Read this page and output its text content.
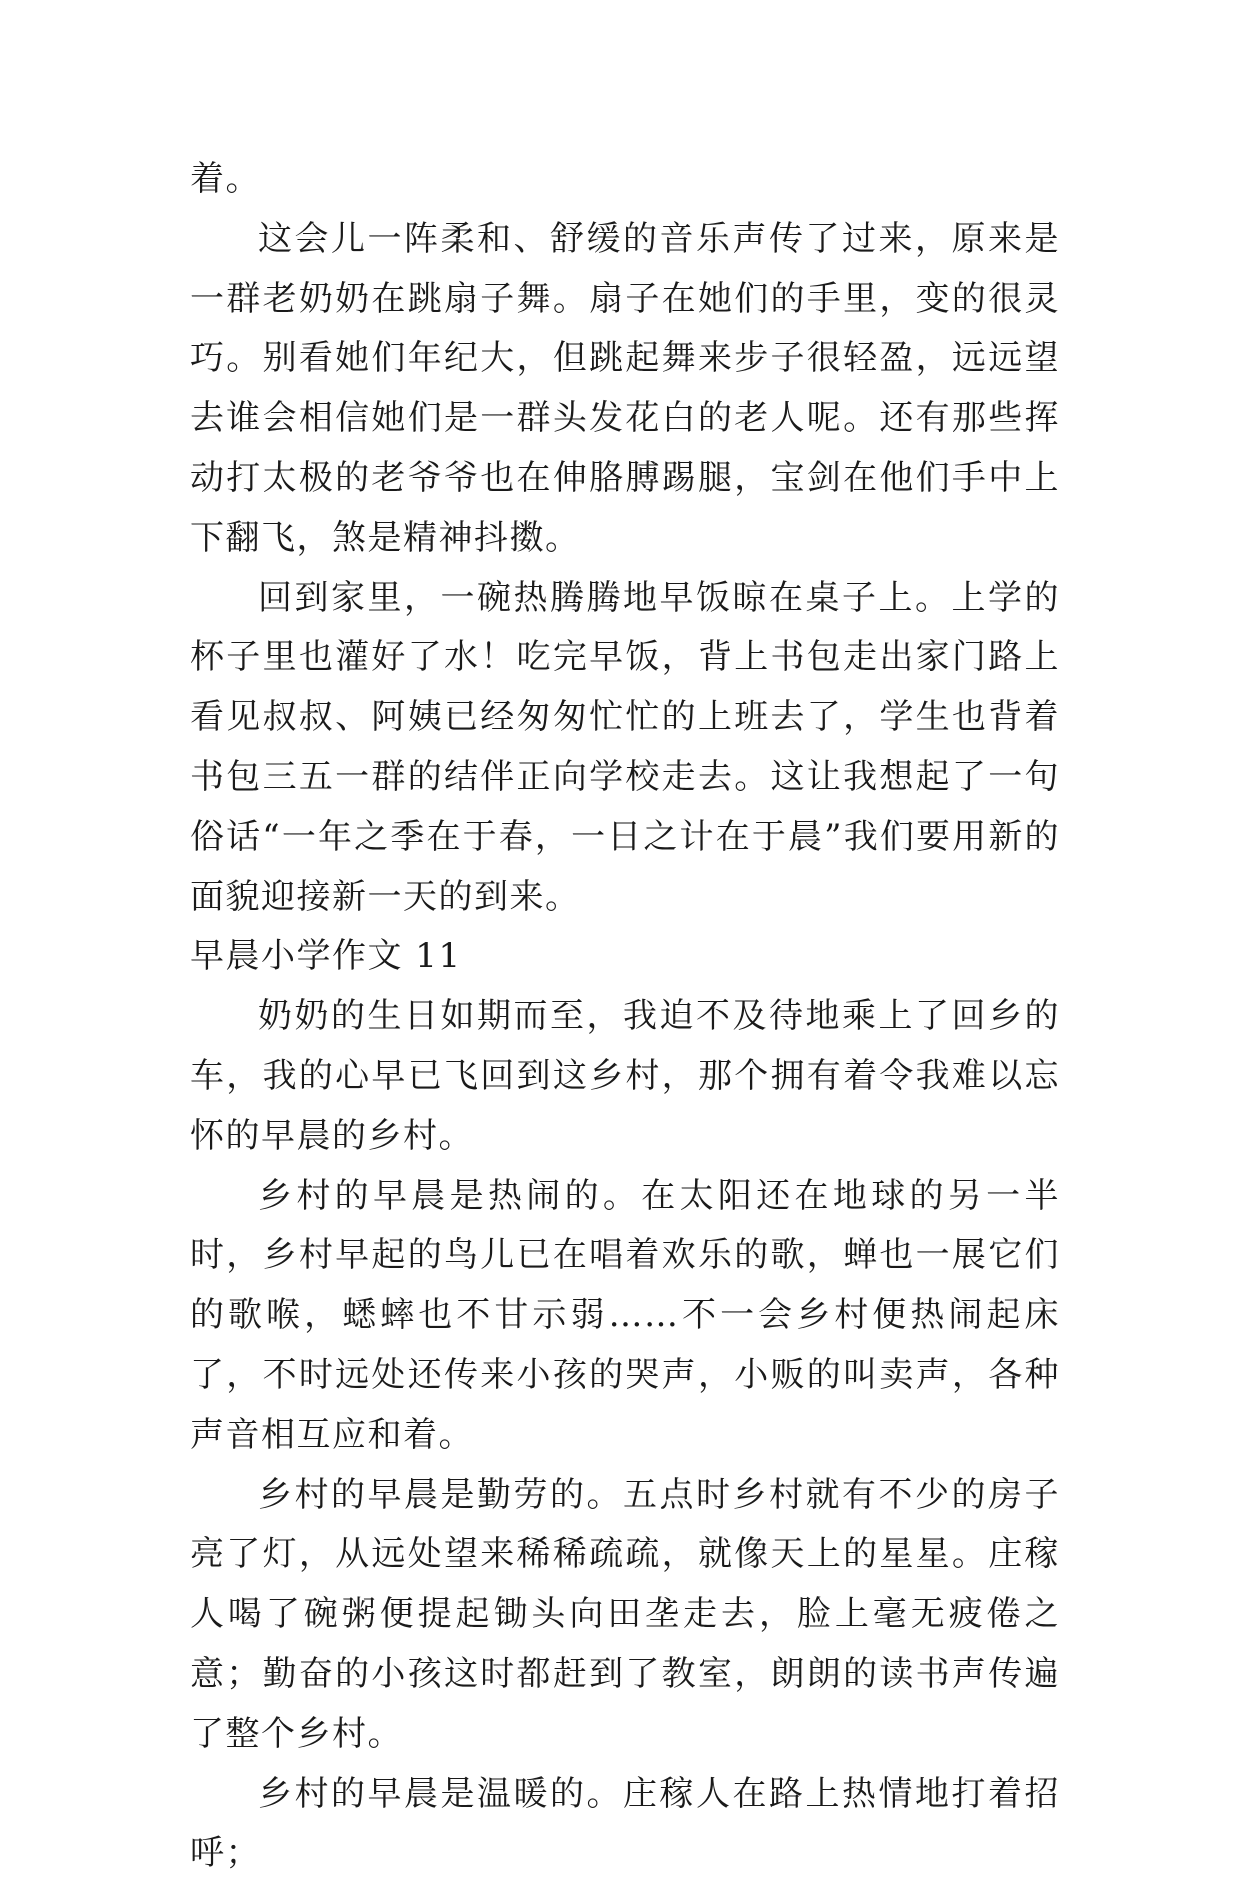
着。

这会儿一阵柔和、舒缓的音乐声传了过来，原来是一群老奶奶在跳扇子舞。扇子在她们的手里，变的很灵巧。别看她们年纪大，但跳起舞来步子很轻盈，远远望去谁会相信她们是一群头发花白的老人呢。还有那些挥动打太极的老爷爷也在伸胳膊踢腿，宝剑在他们手中上下翻飞，煞是精神抖擞。

回到家里，一碗热腾腾地早饭晾在桌子上。上学的杯子里也灌好了水！吃完早饭，背上书包走出家门路上看见叔叔、阿姨已经匆匆忙忙的上班去了，学生也背着书包三五一群的结伴正向学校走去。这让我想起了一句俗话“一年之季在于春，一日之计在于晨”我们要用新的面貌迎接新一天的到来。

早晨小学作文 11

奶奶的生日如期而至，我迫不及待地乘上了回乡的车，我的心早已飞回到这乡村，那个拥有着令我难以忘怀的早晨的乡村。

乡村的早晨是热闹的。在太阳还在地球的另一半时，乡村早起的鸟儿已在唱着欢乐的歌，蝉也一展它们的歌喉，蟋蟀也不甘示弱……不一会乡村便热闹起床了，不时远处还传来小孩的哭声，小贩的叫卖声，各种声音相互应和着。

乡村的早晨是勤劳的。五点时乡村就有不少的房子亮了灯，从远处望来稀稀疏疏，就像天上的星星。庄稼人喝了碗粥便提起锄头向田垄走去，脸上毫无疲倦之意；勤奋的小孩这时都赶到了教室，朗朗的读书声传遍了整个乡村。

乡村的早晨是温暖的。庄稼人在路上热情地打着招呼；
